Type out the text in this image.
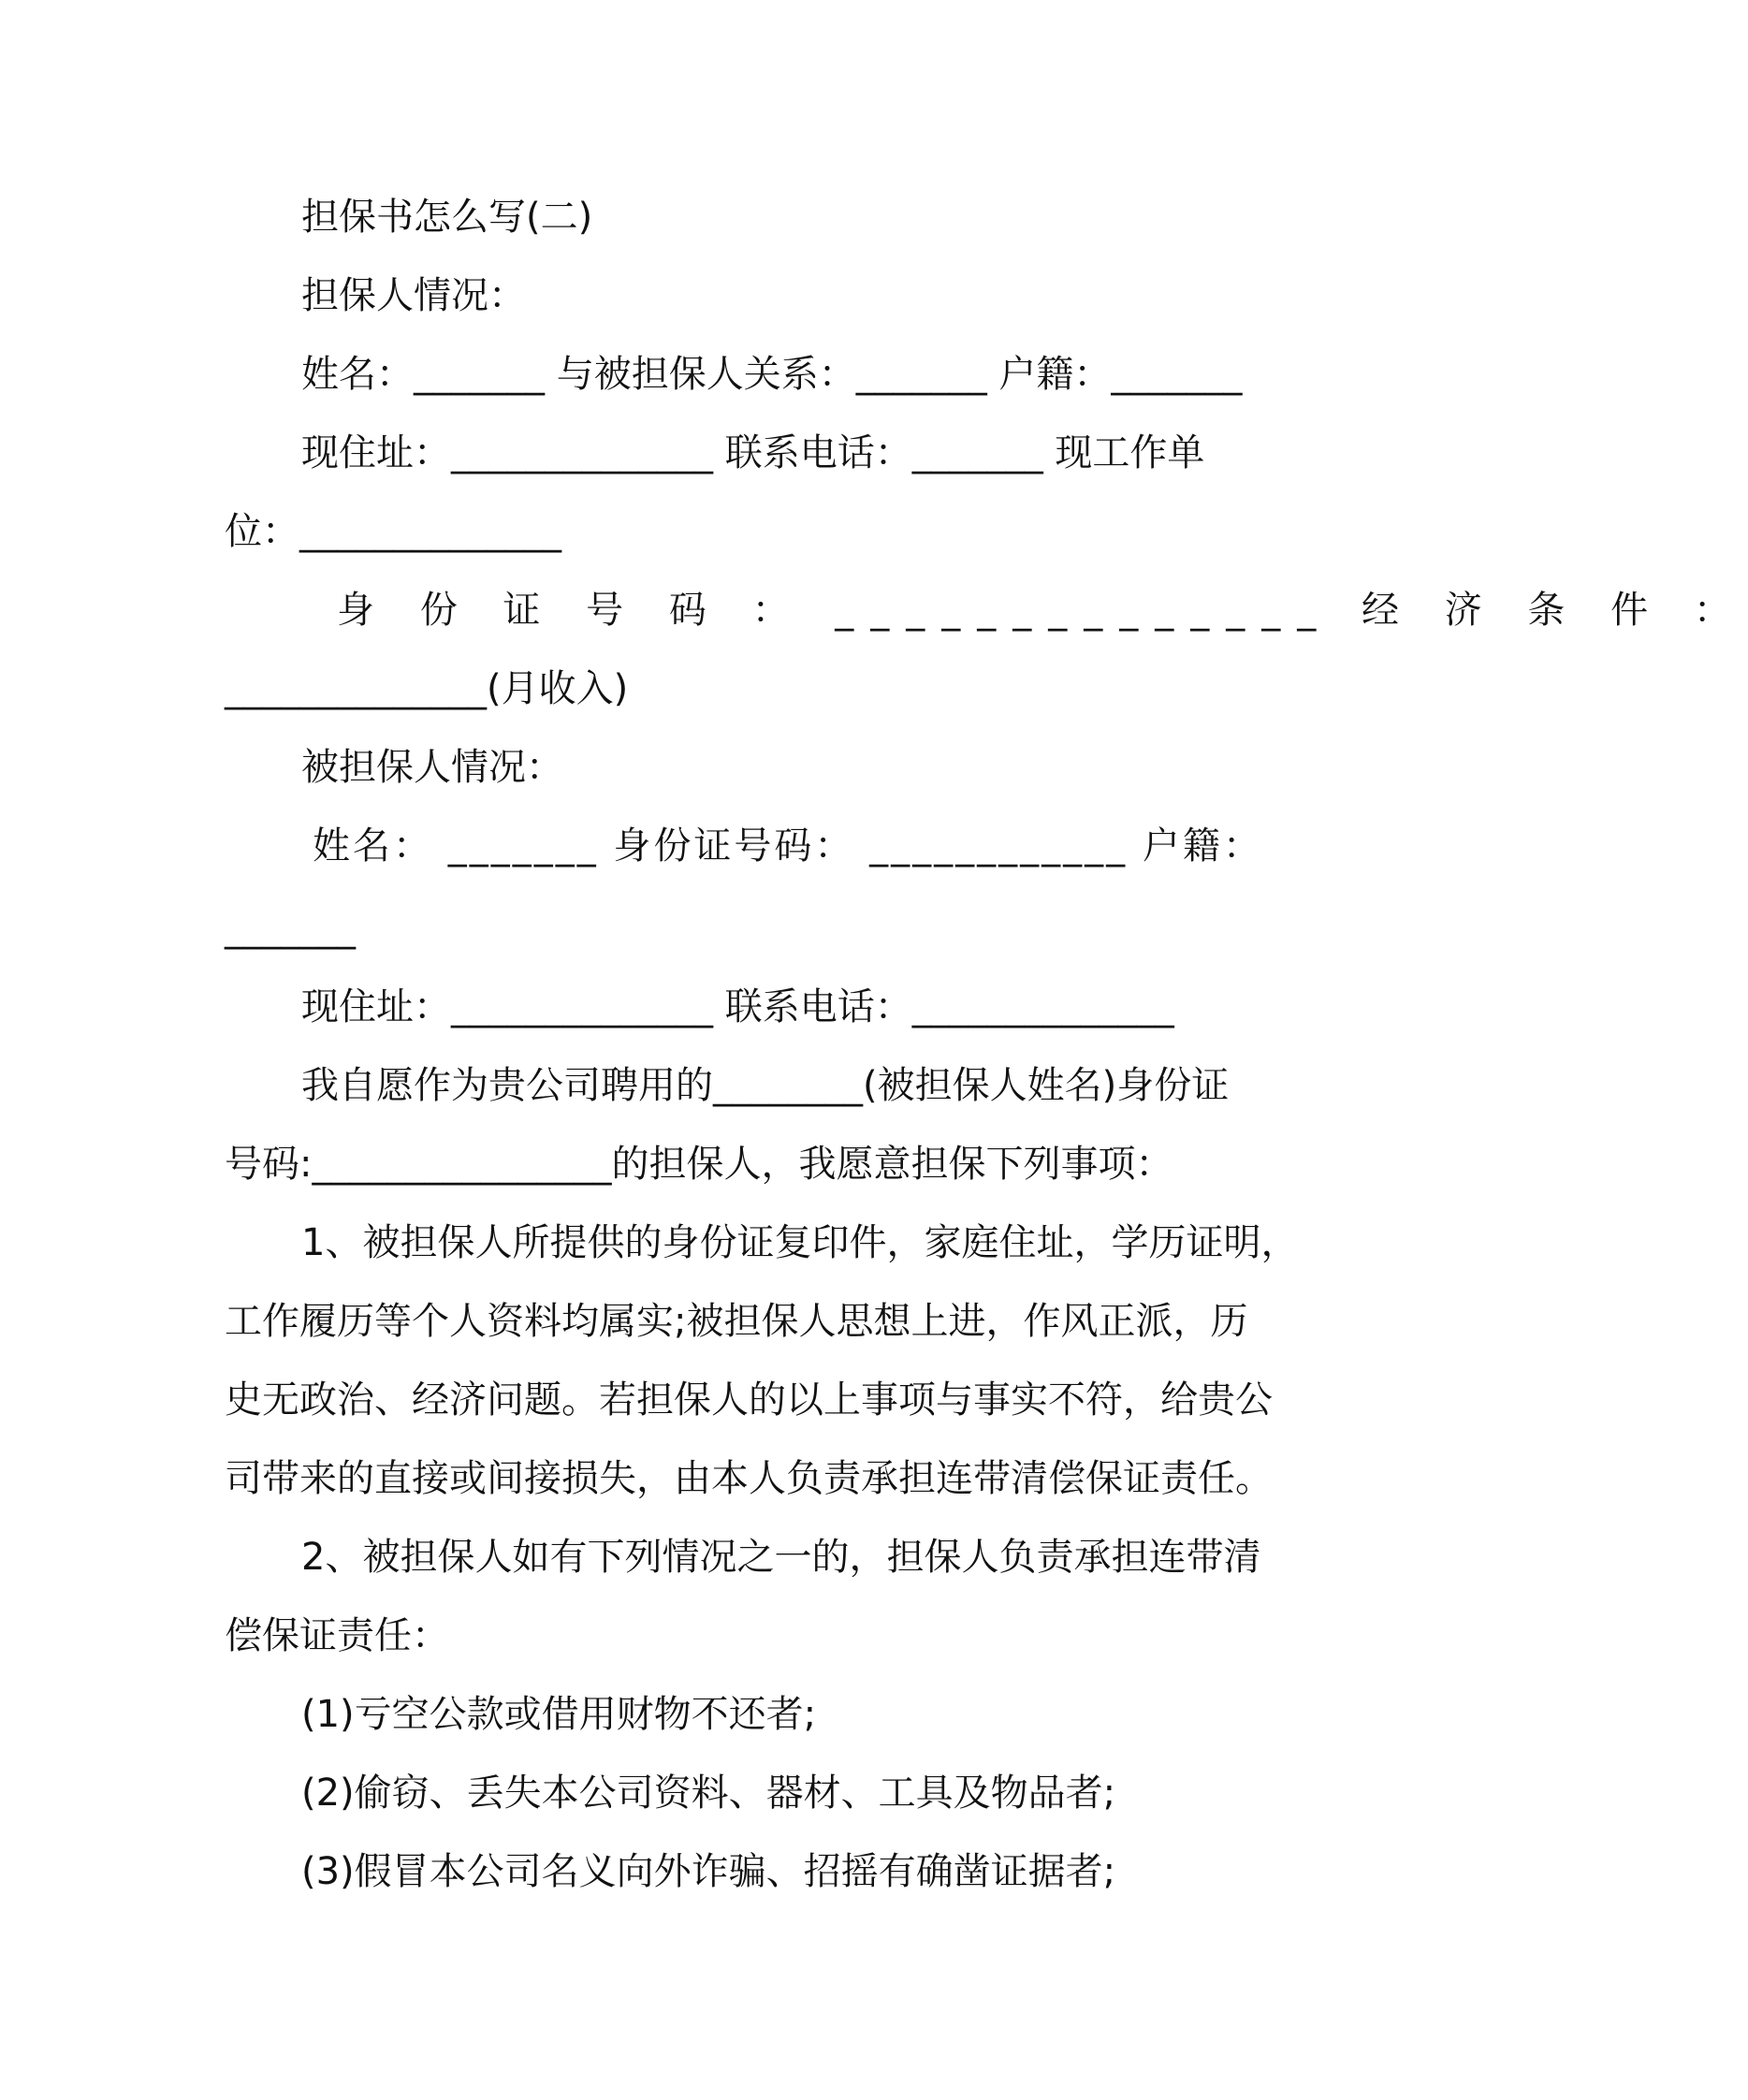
担保书怎么写(二)

担保人情况：

姓名：_______ 与被担保人关系：_______ 户籍：_______

现住址：______________ 联系电话：_______ 现工作单

位：______________

身 份 证 号 码 ： ______________ 经 济 条 件 ：

______________(月收入)

被担保人情况：

姓名： _______ 身份证号码： ____________ 户籍：

_______

现住址：______________ 联系电话：______________

我自愿作为贵公司聘用的________(被担保人姓名)身份证

号码:________________的担保人，我愿意担保下列事项：

1、被担保人所提供的身份证复印件，家庭住址，学历证明，

工作履历等个人资料均属实;被担保人思想上进，作风正派，历

史无政治、经济问题。若担保人的以上事项与事实不符，给贵公

司带来的直接或间接损失，由本人负责承担连带清偿保证责任。

2、被担保人如有下列情况之一的，担保人负责承担连带清

偿保证责任：

(1)亏空公款或借用财物不还者;

(2)偷窃、丢失本公司资料、器材、工具及物品者;

(3)假冒本公司名义向外诈骗、招摇有确凿证据者;
